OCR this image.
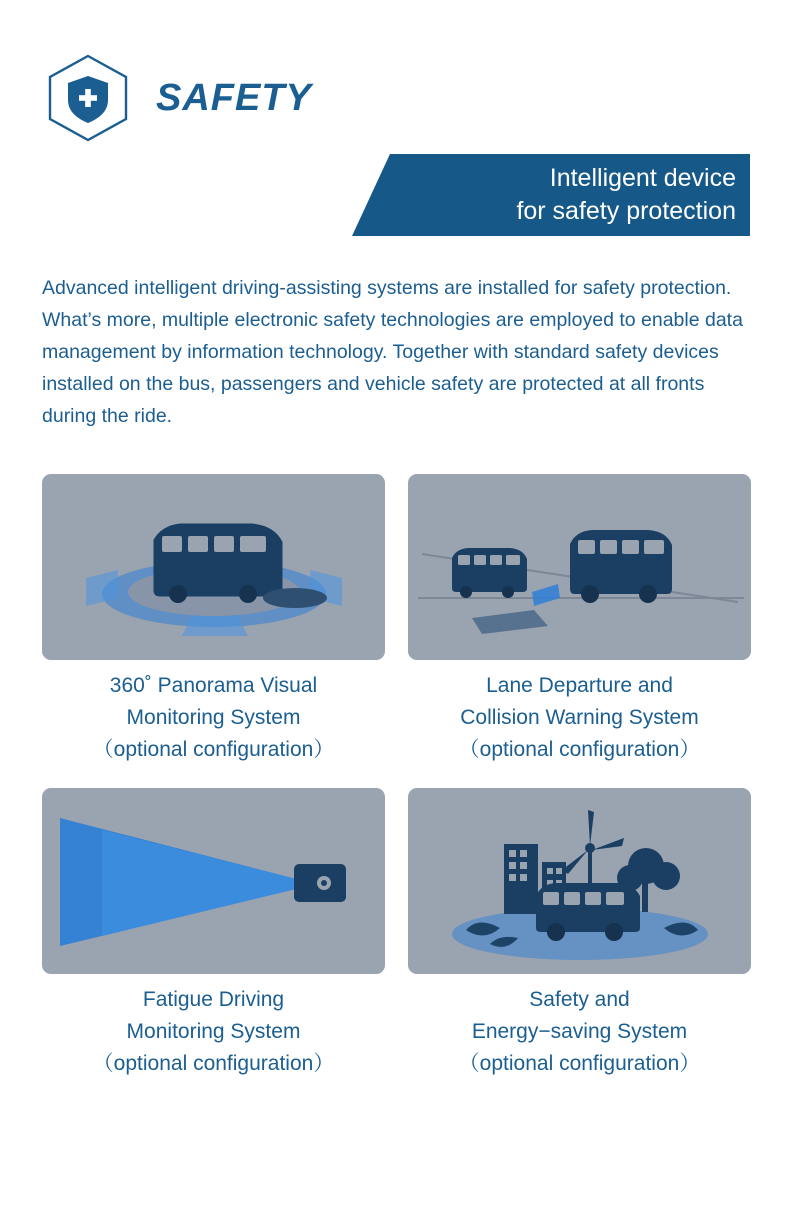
SAFETY
Intelligent device
for safety protection
Advanced intelligent driving-assisting systems are installed for safety protection. What’s more, multiple electronic safety technologies are employed to enable data management by information technology. Together with standard safety devices installed on the bus, passengers and vehicle safety are protected at all fronts during the ride.
360˚ Panorama Visual
Monitoring System
（optional configuration）
Lane Departure and
Collision Warning System
（optional configuration）
Fatigue Driving
Monitoring System
（optional configuration）
Safety and
Energy−saving System
（optional configuration）
